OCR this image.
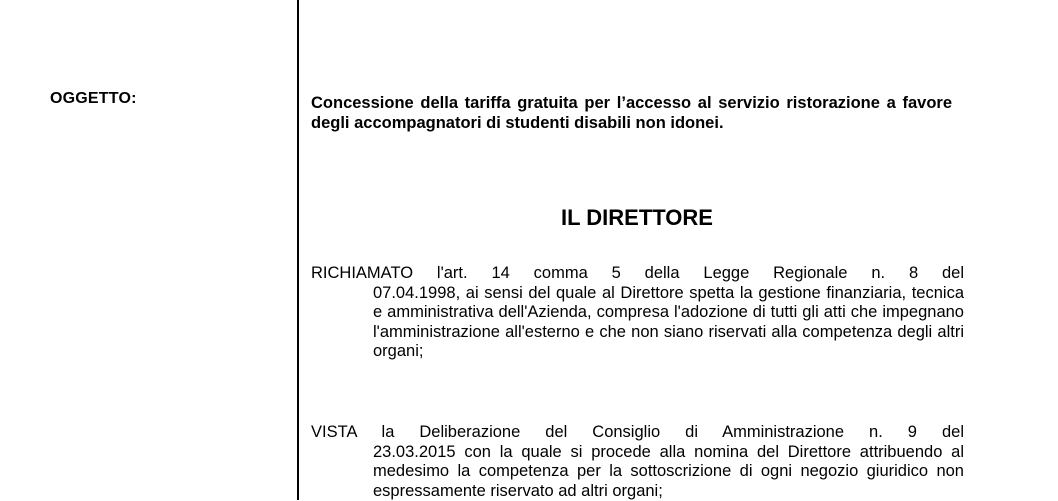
OGGETTO:	Concessione della tariffa gratuita per l’accesso al servizio ristorazione a favore degli accompagnatori di studenti disabili non idonei.
IL DIRETTORE
RICHIAMATO l'art. 14 comma 5 della Legge Regionale n. 8 del
07.04.1998, ai sensi del quale al Direttore spetta la gestione finanziaria, tecnica e amministrativa dell'Azienda, compresa l'adozione di tutti gli atti che impegnano l'amministrazione all'esterno e che non siano riservati alla competenza degli altri organi;
VISTA la Deliberazione del Consiglio di Amministrazione n. 9 del
23.03.2015 con la quale si procede alla nomina del Direttore attribuendo al medesimo la competenza per la sottoscrizione di ogni negozio giuridico non espressamente riservato ad altri organi;
